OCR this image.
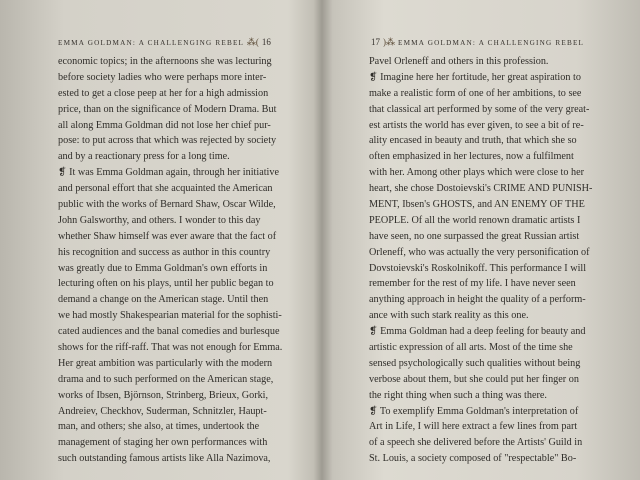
EMMA GOLDMAN: A CHALLENGING REBEL ⁂( 16
economic topics; in the afternoons she was lecturing
before society ladies who were perhaps more inter-
ested to get a close peep at her for a high admission
price, than on the significance of Modern Drama. But
all along Emma Goldman did not lose her chief pur-
pose: to put across that which was rejected by society
and by a reactionary press for a long time.
❡ It was Emma Goldman again, through her initiative
and personal effort that she acquainted the American
public with the works of Bernard Shaw, Oscar Wilde,
John Galsworthy, and others. I wonder to this day
whether Shaw himself was ever aware that the fact of
his recognition and success as author in this country
was greatly due to Emma Goldman's own efforts in
lecturing often on his plays, until her public began to
demand a change on the American stage. Until then
we had mostly Shakespearian material for the sophisti-
cated audiences and the banal comedies and burlesque
shows for the riff-raff. That was not enough for Emma.
Her great ambition was particularly with the modern
drama and to such performed on the American stage,
works of Ibsen, Björnson, Strinberg, Brieux, Gorki,
Andreiev, Checkhov, Suderman, Schnitzler, Haupt-
man, and others; she also, at times, undertook the
management of staging her own performances with
such outstanding famous artists like Alla Nazimova,
17 )⁂ EMMA GOLDMAN: A CHALLENGING REBEL
Pavel Orleneff and others in this profession.
❡ Imagine here her fortitude, her great aspiration to
make a realistic form of one of her ambitions, to see
that classical art performed by some of the very great-
est artists the world has ever given, to see a bit of re-
ality encased in beauty and truth, that which she so
often emphasized in her lectures, now a fulfilment
with her. Among other plays which were close to her
heart, she chose Dostoievski's CRIME AND PUNISH-
MENT, Ibsen's GHOSTS, and AN ENEMY OF THE
PEOPLE. Of all the world renown dramatic artists I
have seen, no one surpassed the great Russian artist
Orleneff, who was actually the very personification of
Dovstoievski's Roskolnikoff. This performance I will
remember for the rest of my life. I have never seen
anything approach in height the quality of a perform-
ance with such stark reality as this one.
❡ Emma Goldman had a deep feeling for beauty and
artistic expression of all arts. Most of the time she
sensed psychologically such qualities without being
verbose about them, but she could put her finger on
the right thing when such a thing was there.
❡ To exemplify Emma Goldman's interpretation of
Art in Life, I will here extract a few lines from part
of a speech she delivered before the Artists' Guild in
St. Louis, a society composed of "respectable" Bo-
